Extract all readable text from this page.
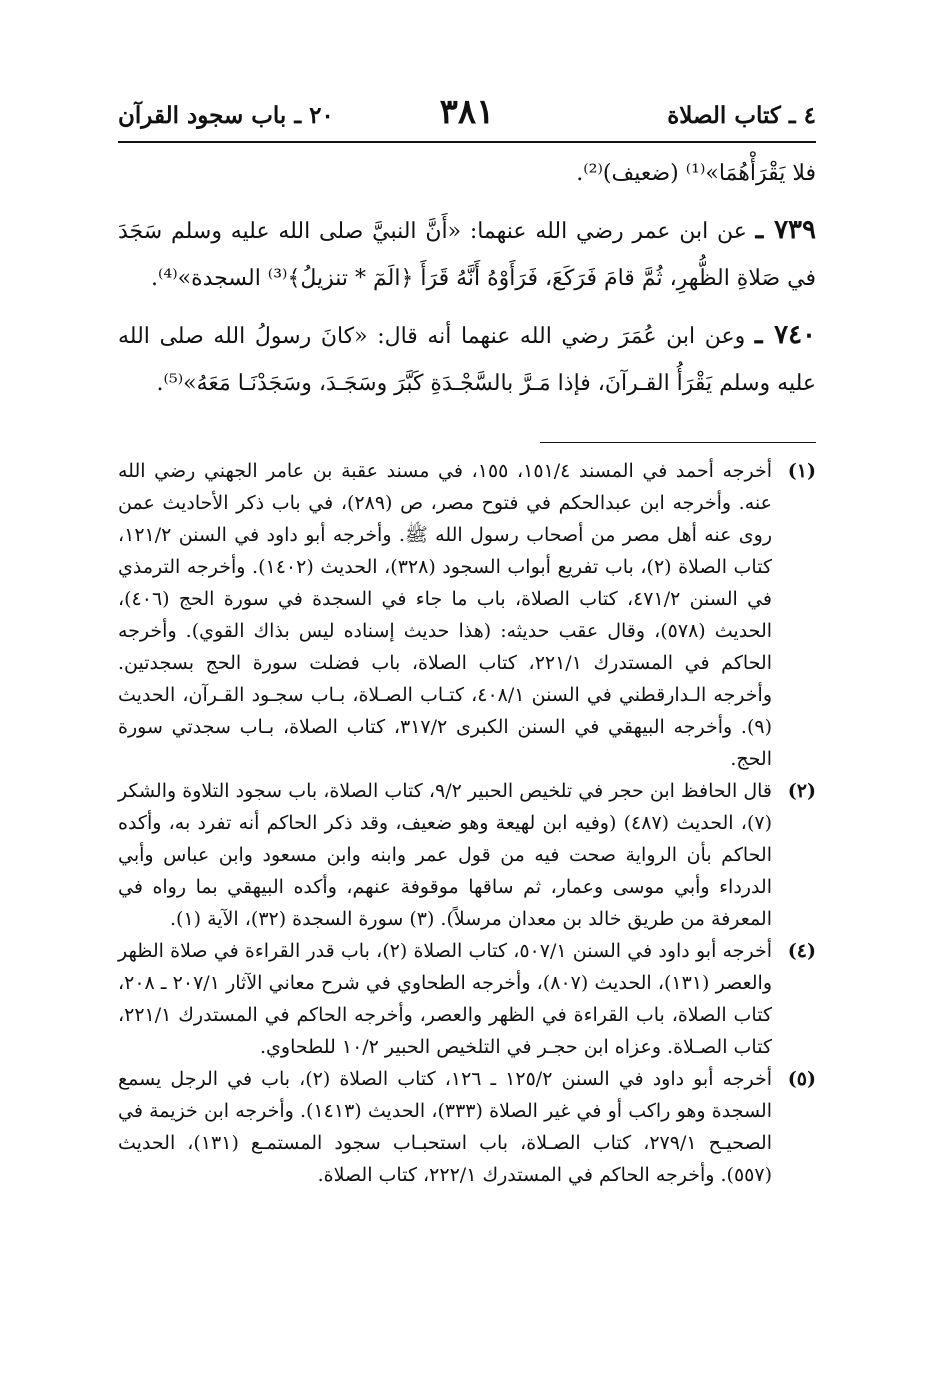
٤ ـ كتاب الصلاة
٣٨١
٢٠ ـ باب سجود القرآن

فلا يَقْرَأْهُمَا»⁽¹⁾ (ضعيف)⁽²⁾.

٧٣٩ ـ عن ابن عمر رضي الله عنهما: «أَنَّ النبيَّ صلى الله عليه وسلم سَجَدَ في صَلاةِ الظُّهرِ، ثُمَّ قامَ فَرَكَعَ، فَرَأَوْهُ أَنَّهُ قَرَأَ ﴿الَمٓ * تنزيلُ﴾⁽³⁾ السجدة»⁽⁴⁾.

٧٤٠ ـ وعن ابن عُمَرَ رضي الله عنهما أنه قال: «كانَ رسولُ الله صلى الله عليه وسلم يَقْرَأُ القـرآنَ، فإذا مَـرَّ بالسَّجْـدَةِ كَبَّرَ وسَجَـدَ، وسَجَدْنَـا مَعَهُ»⁽⁵⁾.

(١)
أخرجه أحمد في المسند ١٥١/٤، ١٥٥، في مسند عقبة بن عامر الجهني رضي الله عنه. وأخرجه ابن عبدالحكم في فتوح مصر، ص (٢٨٩)، في باب ذكر الأحاديث عمن روى عنه أهل مصر من أصحاب رسول الله ﷺ. وأخرجه أبو داود في السنن ١٢١/٢، كتاب الصلاة (٢)، باب تفريع أبواب السجود (٣٢٨)، الحديث (١٤٠٢). وأخرجه الترمذي في السنن ٤٧١/٢، كتاب الصلاة، باب ما جاء في السجدة في سورة الحج (٤٠٦)، الحديث (٥٧٨)، وقال عقب حديثه: (هذا حديث إسناده ليس بذاك القوي). وأخرجه الحاكم في المستدرك ٢٢١/١، كتاب الصلاة، باب فضلت سورة الحج بسجدتين. وأخرجه الـدارقطني في السنن ٤٠٨/١، كتـاب الصـلاة، بـاب سجـود القـرآن، الحديث (٩). وأخرجه البيهقي في السنن الكبرى ٣١٧/٢، كتاب الصلاة، بـاب سجدتي سورة الحج.

(٢)
قال الحافظ ابن حجر في تلخيص الحبير ٩/٢، كتاب الصلاة، باب سجود التلاوة والشكر (٧)، الحديث (٤٨٧) (وفيه ابن لهيعة وهو ضعيف، وقد ذكر الحاكم أنه تفرد به، وأكده الحاكم بأن الرواية صحت فيه من قول عمر وابنه وابن مسعود وابن عباس وأبي الدرداء وأبي موسى وعمار، ثم ساقها موقوفة عنهم، وأكده البيهقي بما رواه في المعرفة من طريق خالد بن معدان مرسلاً). (٣) سورة السجدة (٣٢)، الآية (١).

(٤)
أخرجه أبو داود في السنن ٥٠٧/١، كتاب الصلاة (٢)، باب قدر القراءة في صلاة الظهر والعصر (١٣١)، الحديث (٨٠٧)، وأخرجه الطحاوي في شرح معاني الآثار ٢٠٧/١ ـ ٢٠٨، كتاب الصلاة، باب القراءة في الظهر والعصر، وأخرجه الحاكم في المستدرك ٢٢١/١، كتاب الصـلاة. وعزاه ابن حجـر في التلخيص الحبير ١٠/٢ للطحاوي.

(٥)
أخرجه أبو داود في السنن ١٢٥/٢ ـ ١٢٦، كتاب الصلاة (٢)، باب في الرجل يسمع السجدة وهو راكب أو في غير الصلاة (٣٣٣)، الحديث (١٤١٣). وأخرجه ابن خزيمة في الصحيـح ٢٧٩/١، كتاب الصـلاة، باب استحبـاب سجود المستمـع (١٣١)، الحديث (٥٥٧). وأخرجه الحاكم في المستدرك ٢٢٢/١، كتاب الصلاة.
